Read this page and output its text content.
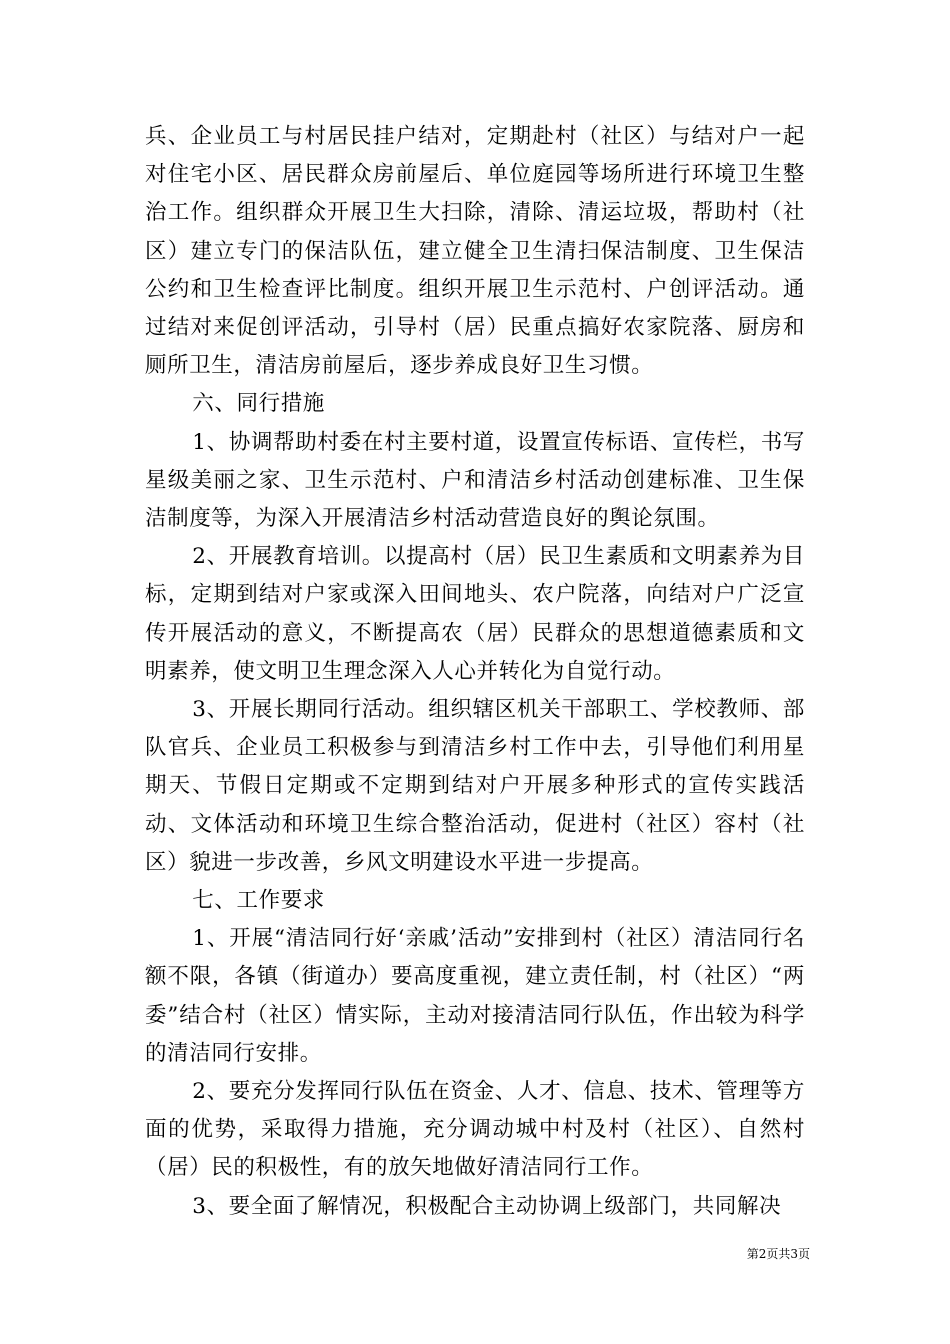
兵、企业员工与村居民挂户结对，定期赴村（社区）与结对户一起对住宅小区、居民群众房前屋后、单位庭园等场所进行环境卫生整治工作。组织群众开展卫生大扫除，清除、清运垃圾，帮助村（社区）建立专门的保洁队伍，建立健全卫生清扫保洁制度、卫生保洁公约和卫生检查评比制度。组织开展卫生示范村、户创评活动。通过结对来促创评活动，引导村（居）民重点搞好农家院落、厨房和厕所卫生，清洁房前屋后，逐步养成良好卫生习惯。

六、同行措施

1、协调帮助村委在村主要村道，设置宣传标语、宣传栏，书写星级美丽之家、卫生示范村、户和清洁乡村活动创建标准、卫生保洁制度等，为深入开展清洁乡村活动营造良好的舆论氛围。

2、开展教育培训。以提高村（居）民卫生素质和文明素养为目标，定期到结对户家或深入田间地头、农户院落，向结对户广泛宣传开展活动的意义，不断提高农（居）民群众的思想道德素质和文明素养，使文明卫生理念深入人心并转化为自觉行动。

3、开展长期同行活动。组织辖区机关干部职工、学校教师、部队官兵、企业员工积极参与到清洁乡村工作中去，引导他们利用星期天、节假日定期或不定期到结对户开展多种形式的宣传实践活动、文体活动和环境卫生综合整治活动，促进村（社区）容村（社区）貌进一步改善，乡风文明建设水平进一步提高。

七、工作要求

1、开展“清洁同行好‘亲戚’活动”安排到村（社区）清洁同行名额不限，各镇（街道办）要高度重视，建立责任制，村（社区）“两委”结合村（社区）情实际，主动对接清洁同行队伍，作出较为科学的清洁同行安排。

2、要充分发挥同行队伍在资金、人才、信息、技术、管理等方面的优势，采取得力措施，充分调动城中村及村（社区）、自然村（居）民的积极性，有的放矢地做好清洁同行工作。

3、要全面了解情况，积极配合主动协调上级部门，共同解决

第2页共3页
